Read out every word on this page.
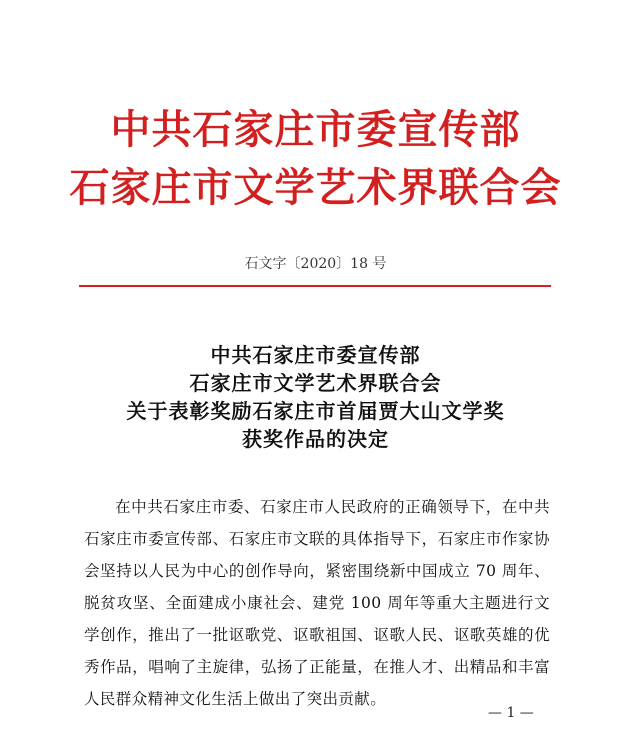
中共石家庄市委宣传部
石家庄市文学艺术界联合会
石文字〔2020〕18 号
中共石家庄市委宣传部
石家庄市文学艺术界联合会
关于表彰奖励石家庄市首届贾大山文学奖
获奖作品的决定
在中共石家庄市委、石家庄市人民政府的正确领导下，在中共石家庄市委宣传部、石家庄市文联的具体指导下，石家庄市作家协会坚持以人民为中心的创作导向，紧密围绕新中国成立 70 周年、脱贫攻坚、全面建成小康社会、建党 100 周年等重大主题进行文学创作，推出了一批讴歌党、讴歌祖国、讴歌人民、讴歌英雄的优秀作品，唱响了主旋律，弘扬了正能量，在推人才、出精品和丰富人民群众精神文化生活上做出了突出贡献。
— 1 —
